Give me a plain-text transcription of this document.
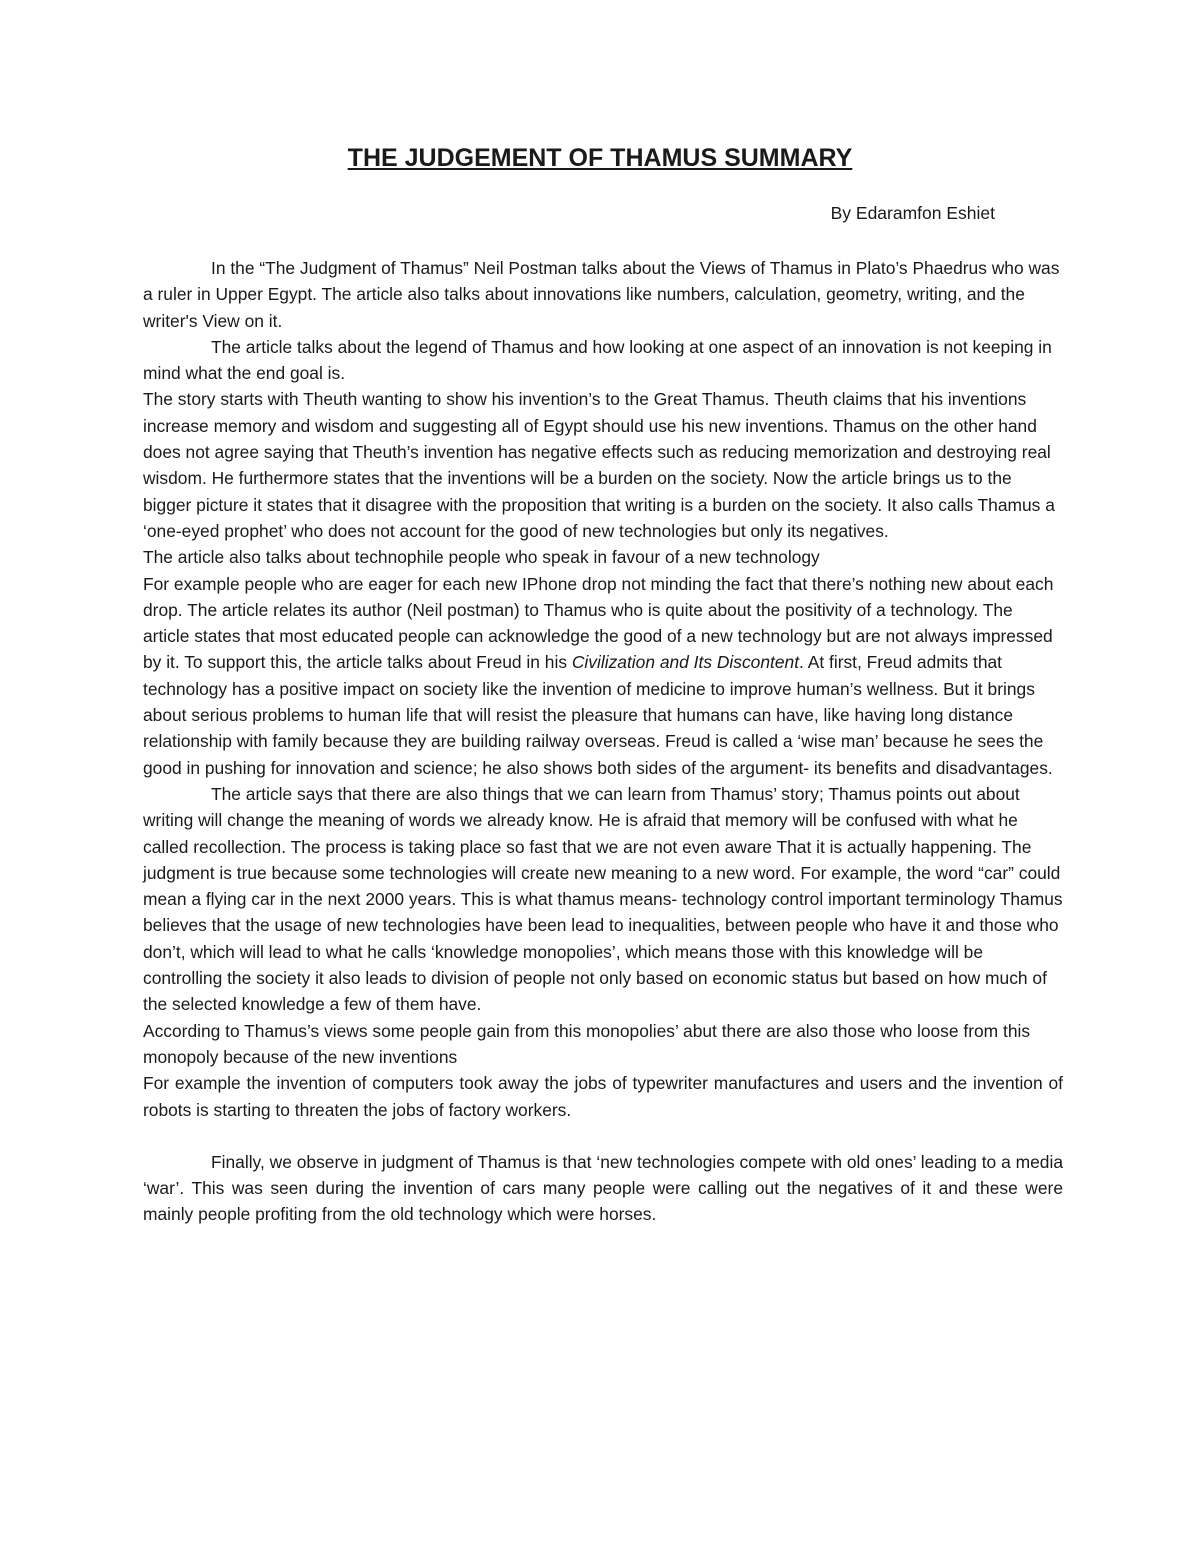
THE JUDGEMENT OF THAMUS SUMMARY

By Edaramfon Eshiet

In the “The Judgment of Thamus” Neil Postman talks about the Views of Thamus in Plato’s Phaedrus who was a ruler in Upper Egypt. The article also talks about innovations like numbers, calculation, geometry, writing, and the writer's View on it.

The article talks about the legend of Thamus and how looking at one aspect of an innovation is not keeping in mind what the end goal is.

The story starts with Theuth wanting to show his invention’s to the Great Thamus. Theuth claims that his inventions increase memory and wisdom and suggesting all of Egypt should use his new inventions. Thamus on the other hand does not agree saying that Theuth’s invention has negative effects such as reducing memorization and destroying real wisdom. He furthermore states that the inventions will be a burden on the society. Now the article brings us to the bigger picture it states that it disagree with the proposition that writing is a burden on the society. It also calls Thamus a ‘one-eyed prophet’ who does not account for the good of new technologies but only its negatives.

The article also talks about technophile people who speak in favour of a new technology

For example people who are eager for each new IPhone drop not minding the fact that there’s nothing new about each drop. The article relates its author (Neil postman) to Thamus who is quite about the positivity of a technology. The article states that most educated people can acknowledge the good of a new technology but are not always impressed by it. To support this, the article talks about Freud in his Civilization and Its Discontent. At first, Freud admits that technology has a positive impact on society like the invention of medicine to improve human’s wellness. But it brings about serious problems to human life that will resist the pleasure that humans can have, like having long distance relationship with family because they are building railway overseas. Freud is called a ‘wise man’ because he sees the good in pushing for innovation and science; he also shows both sides of the argument- its benefits and disadvantages.

The article says that there are also things that we can learn from Thamus’ story; Thamus points out about writing will change the meaning of words we already know. He is afraid that memory will be confused with what he called recollection. The process is taking place so fast that we are not even aware That it is actually happening. The judgment is true because some technologies will create new meaning to a new word. For example, the word “car” could mean a flying car in the next 2000 years. This is what thamus means- technology control important terminology Thamus believes that the usage of new technologies have been lead to inequalities, between people who have it and those who don’t, which will lead to what he calls ‘knowledge monopolies’, which means those with this knowledge will be controlling the society it also leads to division of people not only based on economic status but based on how much of the selected knowledge a few of them have.

According to Thamus’s views some people gain from this monopolies’ abut there are also those who loose from this monopoly because of the new inventions

For example the invention of computers took away the jobs of typewriter manufactures and users and the invention of robots is starting to threaten the jobs of factory workers.

Finally, we observe in judgment of Thamus is that ‘new technologies compete with old ones’ leading to a media ‘war’. This was seen during the invention of cars many people were calling out the negatives of it and these were mainly people profiting from the old technology which were horses.
